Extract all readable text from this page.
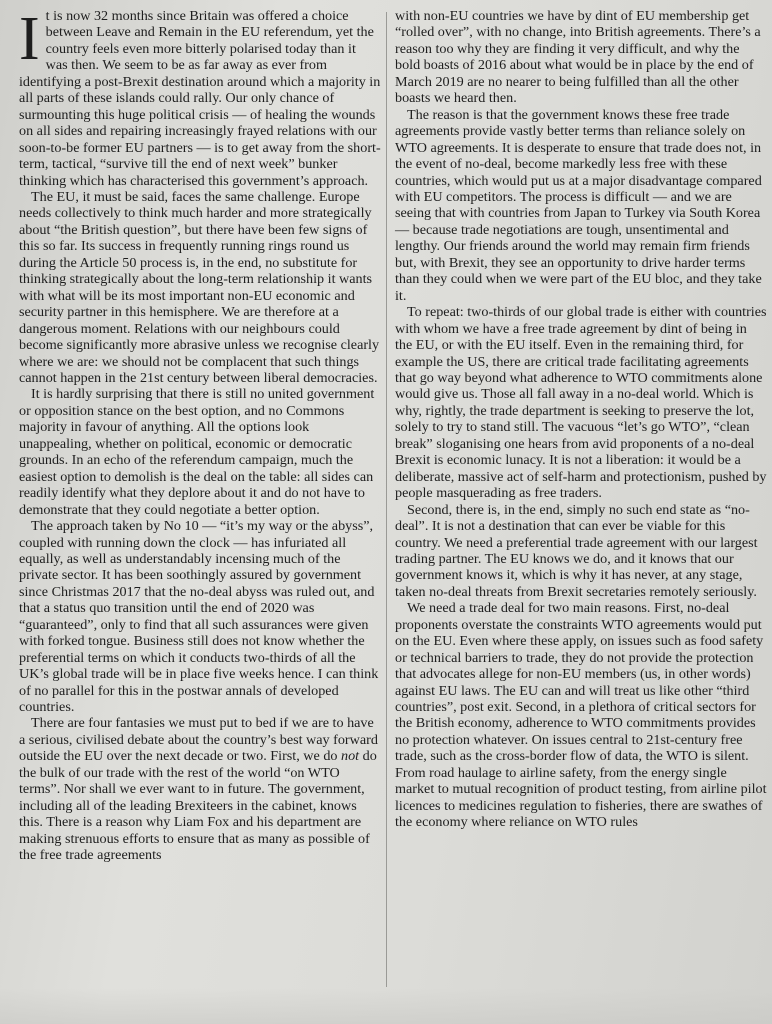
It is now 32 months since Britain was offered a choice between Leave and Remain in the EU referendum, yet the country feels even more bitterly polarised today than it was then. We seem to be as far away as ever from identifying a post-Brexit destination around which a majority in all parts of these islands could rally. Our only chance of surmounting this huge political crisis — of healing the wounds on all sides and repairing increasingly frayed relations with our soon-to-be former EU partners — is to get away from the short-term, tactical, “survive till the end of next week” bunker thinking which has characterised this government’s approach.

The EU, it must be said, faces the same challenge. Europe needs collectively to think much harder and more strategically about “the British question”, but there have been few signs of this so far. Its success in frequently running rings round us during the Article 50 process is, in the end, no substitute for thinking strategically about the long-term relationship it wants with what will be its most important non-EU economic and security partner in this hemisphere. We are therefore at a dangerous moment. Relations with our neighbours could become significantly more abrasive unless we recognise clearly where we are: we should not be complacent that such things cannot happen in the 21st century between liberal democracies.

It is hardly surprising that there is still no united government or opposition stance on the best option, and no Commons majority in favour of anything. All the options look unappealing, whether on political, economic or democratic grounds. In an echo of the referendum campaign, much the easiest option to demolish is the deal on the table: all sides can readily identify what they deplore about it and do not have to demonstrate that they could negotiate a better option.

The approach taken by No 10 — “it’s my way or the abyss”, coupled with running down the clock — has infuriated all equally, as well as understandably incensing much of the private sector. It has been soothingly assured by government since Christmas 2017 that the no-deal abyss was ruled out, and that a status quo transition until the end of 2020 was “guaranteed”, only to find that all such assurances were given with forked tongue. Business still does not know whether the preferential terms on which it conducts two-thirds of all the UK’s global trade will be in place five weeks hence. I can think of no parallel for this in the postwar annals of developed countries.

There are four fantasies we must put to bed if we are to have a serious, civilised debate about the country’s best way forward outside the EU over the next decade or two. First, we do not do the bulk of our trade with the rest of the world “on WTO terms”. Nor shall we ever want to in future. The government, including all of the leading Brexiteers in the cabinet, knows this. There is a reason why Liam Fox and his department are making strenuous efforts to ensure that as many as possible of the free trade agreements

with non-EU countries we have by dint of EU membership get “rolled over”, with no change, into British agreements. There’s a reason too why they are finding it very difficult, and why the bold boasts of 2016 about what would be in place by the end of March 2019 are no nearer to being fulfilled than all the other boasts we heard then.

The reason is that the government knows these free trade agreements provide vastly better terms than reliance solely on WTO agreements. It is desperate to ensure that trade does not, in the event of no-deal, become markedly less free with these countries, which would put us at a major disadvantage compared with EU competitors. The process is difficult — and we are seeing that with countries from Japan to Turkey via South Korea — because trade negotiations are tough, unsentimental and lengthy. Our friends around the world may remain firm friends but, with Brexit, they see an opportunity to drive harder terms than they could when we were part of the EU bloc, and they take it.

To repeat: two-thirds of our global trade is either with countries with whom we have a free trade agreement by dint of being in the EU, or with the EU itself. Even in the remaining third, for example the US, there are critical trade facilitating agreements that go way beyond what adherence to WTO commitments alone would give us. Those all fall away in a no-deal world. Which is why, rightly, the trade department is seeking to preserve the lot, solely to try to stand still. The vacuous “let’s go WTO”, “clean break” sloganising one hears from avid proponents of a no-deal Brexit is economic lunacy. It is not a liberation: it would be a deliberate, massive act of self-harm and protectionism, pushed by people masquerading as free traders.

Second, there is, in the end, simply no such end state as “no-deal”. It is not a destination that can ever be viable for this country. We need a preferential trade agreement with our largest trading partner. The EU knows we do, and it knows that our government knows it, which is why it has never, at any stage, taken no-deal threats from Brexit secretaries remotely seriously.

We need a trade deal for two main reasons. First, no-deal proponents overstate the constraints WTO agreements would put on the EU. Even where these apply, on issues such as food safety or technical barriers to trade, they do not provide the protection that advocates allege for non-EU members (us, in other words) against EU laws. The EU can and will treat us like other “third countries”, post exit. Second, in a plethora of critical sectors for the British economy, adherence to WTO commitments provides no protection whatever. On issues central to 21st-century free trade, such as the cross-border flow of data, the WTO is silent. From road haulage to airline safety, from the energy single market to mutual recognition of product testing, from airline pilot licences to medicines regulation to fisheries, there are swathes of the economy where reliance on WTO rules
